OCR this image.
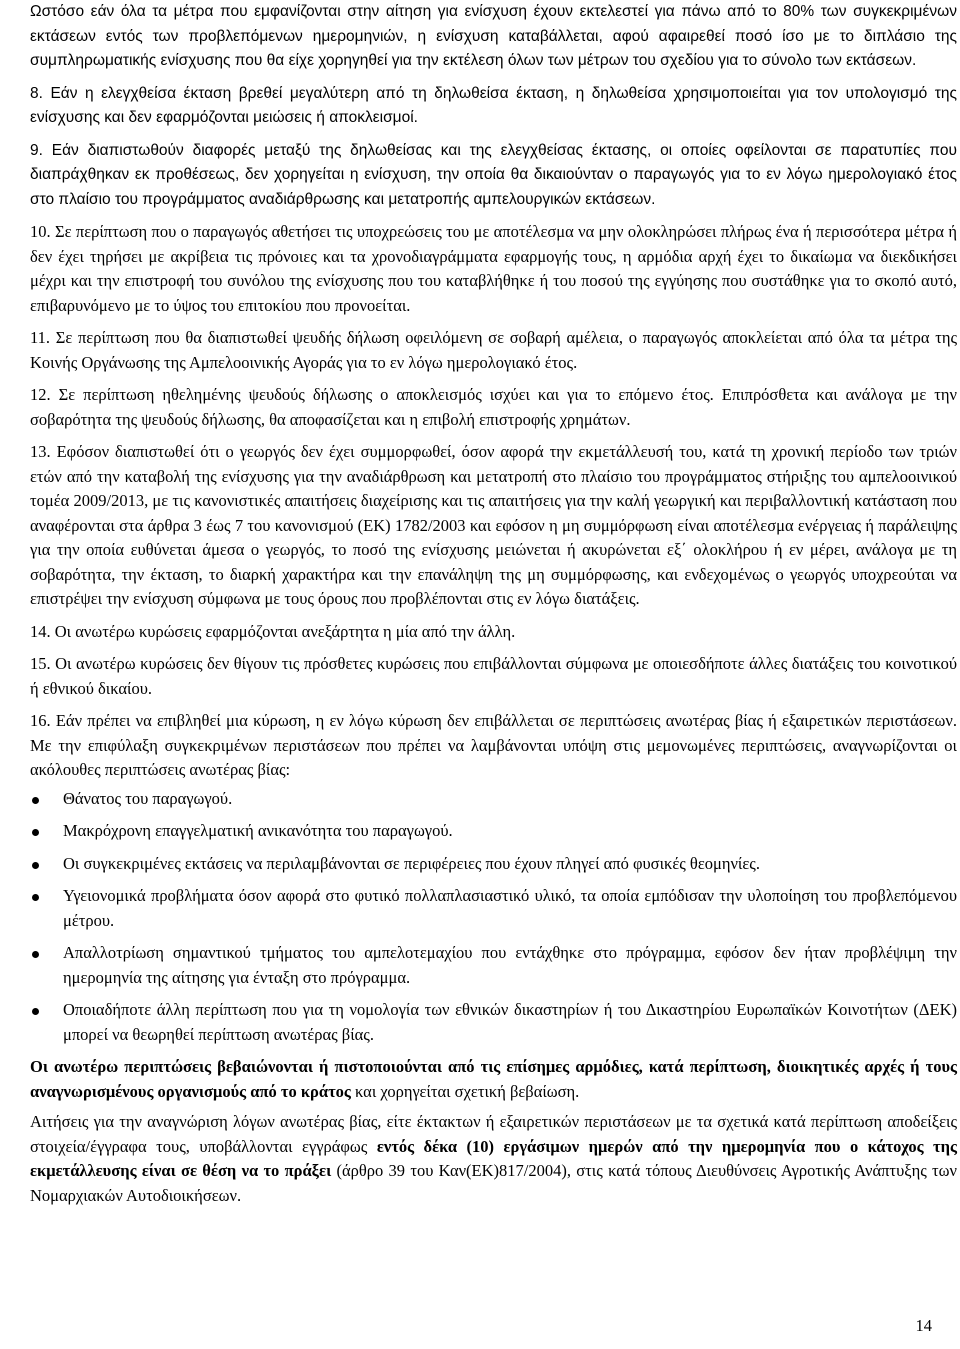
Ωστόσο εάν όλα τα μέτρα που εμφανίζονται στην αίτηση για ενίσχυση έχουν εκτελεστεί για πάνω από το 80% των συγκεκριμένων εκτάσεων εντός των προβλεπόμενων ημερομηνιών, η ενίσχυση καταβάλλεται, αφού αφαιρεθεί ποσό ίσο με το διπλάσιο της συμπληρωματικής ενίσχυσης που θα είχε χορηγηθεί για την εκτέλεση όλων των μέτρων του σχεδίου για το σύνολο των εκτάσεων.

8. Εάν η ελεγχθείσα έκταση βρεθεί μεγαλύτερη από τη δηλωθείσα έκταση, η δηλωθείσα χρησιμοποιείται για τον υπολογισμό της ενίσχυσης και δεν εφαρμόζονται μειώσεις ή αποκλεισμοί.

9. Εάν διαπιστωθούν διαφορές μεταξύ της δηλωθείσας και της ελεγχθείσας έκτασης, οι οποίες οφείλονται σε παρατυπίες που διαπράχθηκαν εκ προθέσεως, δεν χορηγείται η ενίσχυση, την οποία θα δικαιούνταν ο παραγωγός για το εν λόγω ημερολογιακό έτος στο πλαίσιο του προγράμματος αναδιάρθρωσης και μετατροπής αμπελουργικών εκτάσεων.

10. Σε περίπτωση που ο παραγωγός αθετήσει τις υποχρεώσεις του με αποτέλεσμα να μην ολοκληρώσει πλήρως ένα ή περισσότερα μέτρα ή δεν έχει τηρήσει με ακρίβεια τις πρόνοιες και τα χρονοδιαγράμματα εφαρμογής τους, η αρμόδια αρχή έχει το δικαίωμα να διεκδικήσει μέχρι και την επιστροφή του συνόλου της ενίσχυσης που του καταβλήθηκε ή του ποσού της εγγύησης που συστάθηκε για το σκοπό αυτό, επιβαρυνόμενο με το ύψος του επιτοκίου που προνοείται.

11. Σε περίπτωση που θα διαπιστωθεί ψευδής δήλωση οφειλόμενη σε σοβαρή αμέλεια, ο παραγωγός αποκλείεται από όλα τα μέτρα της Κοινής Οργάνωσης της Αμπελοοινικής Αγοράς για το εν λόγω ημερολογιακό έτος.

12. Σε περίπτωση ηθελημένης ψευδούς δήλωσης ο αποκλεισμός ισχύει και για το επόμενο έτος. Επιπρόσθετα και ανάλογα με την σοβαρότητα της ψευδούς δήλωσης, θα αποφασίζεται και η επιβολή επιστροφής χρημάτων.

13. Εφόσον διαπιστωθεί ότι ο γεωργός δεν έχει συμμορφωθεί, όσον αφορά την εκμετάλλευσή του, κατά τη χρονική περίοδο των τριών ετών από την καταβολή της ενίσχυσης για την αναδιάρθρωση και μετατροπή στο πλαίσιο του προγράμματος στήριξης του αμπελοοινικού τομέα 2009/2013, με τις κανονιστικές απαιτήσεις διαχείρισης και τις απαιτήσεις για την καλή γεωργική και περιβαλλοντική κατάσταση που αναφέρονται στα άρθρα 3 έως 7 του κανονισμού (ΕΚ) 1782/2003 και εφόσον η μη συμμόρφωση είναι αποτέλεσμα ενέργειας ή παράλειψης για την οποία ευθύνεται άμεσα ο γεωργός, το ποσό της ενίσχυσης μειώνεται ή ακυρώνεται εξ΄ ολοκλήρου ή εν μέρει, ανάλογα με τη σοβαρότητα, την έκταση, το διαρκή χαρακτήρα και την επανάληψη της μη συμμόρφωσης, και ενδεχομένως ο γεωργός υποχρεούται να επιστρέψει την ενίσχυση σύμφωνα με τους όρους που προβλέπονται στις εν λόγω διατάξεις.

14. Οι ανωτέρω κυρώσεις εφαρμόζονται ανεξάρτητα η μία από την άλλη.

15. Οι ανωτέρω κυρώσεις δεν θίγουν τις πρόσθετες κυρώσεις που επιβάλλονται σύμφωνα με οποιεσδήποτε άλλες διατάξεις του κοινοτικού ή εθνικού δικαίου.

16. Εάν πρέπει να επιβληθεί μια κύρωση, η εν λόγω κύρωση δεν επιβάλλεται σε περιπτώσεις ανωτέρας βίας ή εξαιρετικών περιστάσεων. Με την επιφύλαξη συγκεκριμένων περιστάσεων που πρέπει να λαμβάνονται υπόψη στις μεμονωμένες περιπτώσεις, αναγνωρίζονται οι ακόλουθες περιπτώσεις ανωτέρας βίας:

Θάνατος του παραγωγού.
Μακρόχρονη επαγγελματική ανικανότητα του παραγωγού.
Οι συγκεκριμένες εκτάσεις να περιλαμβάνονται σε περιφέρειες που έχουν πληγεί από φυσικές θεομηνίες.
Υγειονομικά προβλήματα όσον αφορά στο φυτικό πολλαπλασιαστικό υλικό, τα οποία εμπόδισαν την υλοποίηση του προβλεπόμενου μέτρου.
Απαλλοτρίωση σημαντικού τμήματος του αμπελοτεμαχίου που εντάχθηκε στο πρόγραμμα, εφόσον δεν ήταν προβλέψιμη την ημερομηνία της αίτησης για ένταξη στο πρόγραμμα.
Οποιαδήποτε άλλη περίπτωση που για τη νομολογία των εθνικών δικαστηρίων ή του Δικαστηρίου Ευρωπαϊκών Κοινοτήτων (ΔΕΚ) μπορεί να θεωρηθεί περίπτωση ανωτέρας βίας.

Οι ανωτέρω περιπτώσεις βεβαιώνονται ή πιστοποιούνται από τις επίσημες αρμόδιες, κατά περίπτωση, διοικητικές αρχές ή τους αναγνωρισμένους οργανισμούς από το κράτος και χορηγείται σχετική βεβαίωση.

Αιτήσεις για την αναγνώριση λόγων ανωτέρας βίας, είτε έκτακτων ή εξαιρετικών περιστάσεων με τα σχετικά κατά περίπτωση αποδείξεις στοιχεία/έγγραφα τους, υποβάλλονται εγγράφως εντός δέκα (10) εργάσιμων ημερών από την ημερομηνία που ο κάτοχος της εκμετάλλευσης είναι σε θέση να το πράξει (άρθρο 39 του Καν(ΕΚ)817/2004), στις κατά τόπους Διευθύνσεις Αγροτικής Ανάπτυξης των Νομαρχιακών Αυτοδιοικήσεων.

14
